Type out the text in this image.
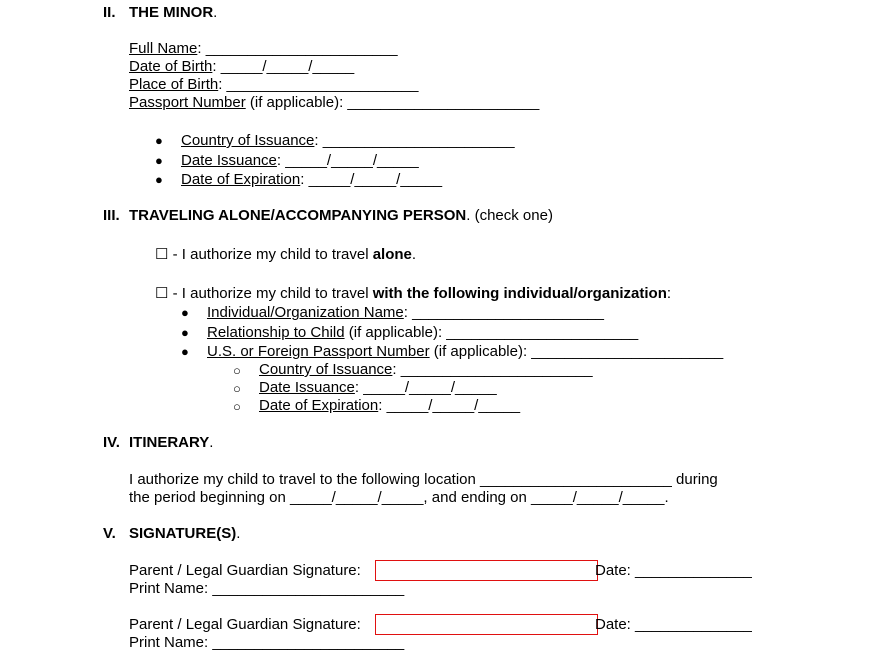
II. THE MINOR.
Full Name: _______________________
Date of Birth: _____/_____/_____
Place of Birth: _______________________
Passport Number (if applicable): _______________________
● Country of Issuance: _______________________
● Date Issuance: _____/_____/_____
● Date of Expiration: _____/_____/_____
III. TRAVELING ALONE/ACCOMPANYING PERSON. (check one)
☐ - I authorize my child to travel alone.
☐ - I authorize my child to travel with the following individual/organization:
● Individual/Organization Name: _______________________
● Relationship to Child (if applicable): _______________________
● U.S. or Foreign Passport Number (if applicable): _______________________
○ Country of Issuance: _______________________
○ Date Issuance: _____/_____/_____
○ Date of Expiration: _____/_____/_____
IV. ITINERARY.
I authorize my child to travel to the following location _______________________ during
the period beginning on _____/_____/_____, and ending on _____/_____/_____.
V. SIGNATURE(S).
Parent / Legal Guardian Signature:	Date: ______________
Print Name: _______________________
Parent / Legal Guardian Signature:	Date: ______________
Print Name: _______________________
